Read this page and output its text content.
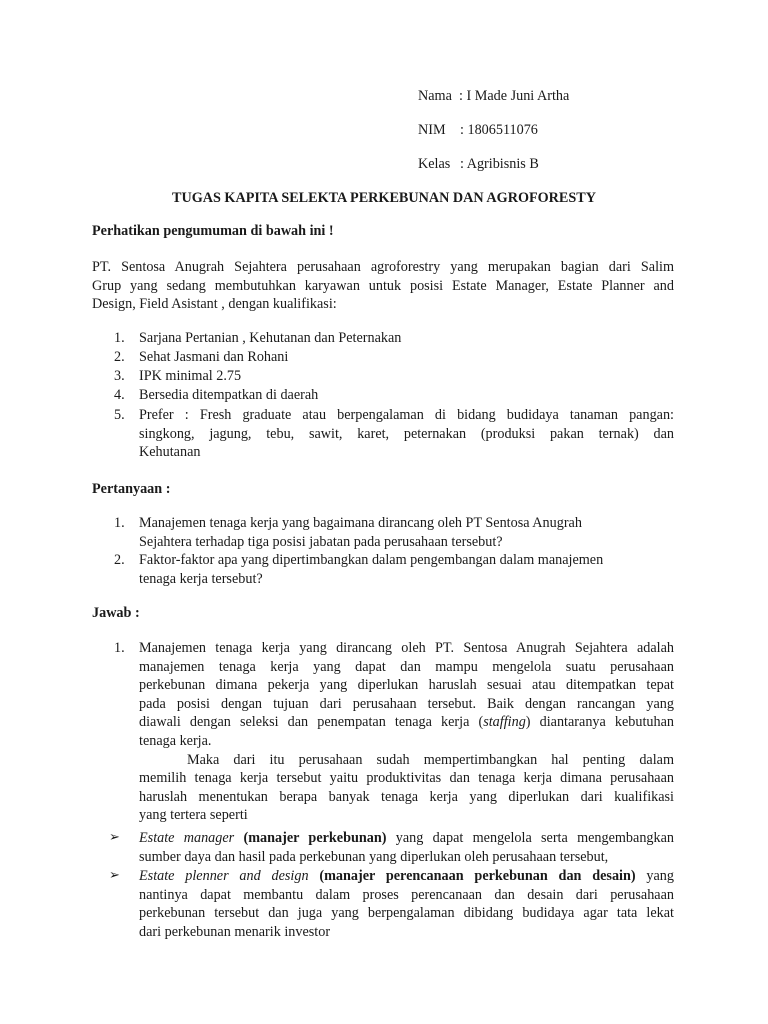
Nama : I Made Juni Artha
NIM : 1806511076
Kelas : Agribisnis B
TUGAS KAPITA SELEKTA PERKEBUNAN DAN AGROFORESTY
Perhatikan pengumuman di bawah ini !
PT. Sentosa Anugrah Sejahtera perusahaan agroforestry yang merupakan bagian dari Salim
Grup yang sedang membutuhkan karyawan untuk posisi Estate Manager, Estate Planner and
Design, Field Asistant , dengan kualifikasi:
1. Sarjana Pertanian , Kehutanan dan Peternakan
2. Sehat Jasmani dan Rohani
3. IPK minimal 2.75
4. Bersedia ditempatkan di daerah
5. Prefer : Fresh graduate atau berpengalaman di bidang budidaya tanaman pangan:
singkong, jagung, tebu, sawit, karet, peternakan (produksi pakan ternak) dan
Kehutanan
Pertanyaan :
1. Manajemen tenaga kerja yang bagaimana dirancang oleh PT Sentosa Anugrah
Sejahtera terhadap tiga posisi jabatan pada perusahaan tersebut?
2. Faktor-faktor apa yang dipertimbangkan dalam pengembangan dalam manajemen
tenaga kerja tersebut?
Jawab :
1. Manajemen tenaga kerja yang dirancang oleh PT. Sentosa Anugrah Sejahtera adalah
manajemen tenaga kerja yang dapat dan mampu mengelola suatu perusahaan
perkebunan dimana pekerja yang diperlukan haruslah sesuai atau ditempatkan tepat
pada posisi dengan tujuan dari perusahaan tersebut. Baik dengan rancangan yang
diawali dengan seleksi dan penempatan tenaga kerja (staffing) diantaranya kebutuhan
tenaga kerja.
Maka dari itu perusahaan sudah mempertimbangkan hal penting dalam
memilih tenaga kerja tersebut yaitu produktivitas dan tenaga kerja dimana perusahaan
haruslah menentukan berapa banyak tenaga kerja yang diperlukan dari kualifikasi
yang tertera seperti
➢ Estate manager (manajer perkebunan) yang dapat mengelola serta mengembangkan
sumber daya dan hasil pada perkebunan yang diperlukan oleh perusahaan tersebut,
➢ Estate plenner and design (manajer perencanaan perkebunan dan desain) yang
nantinya dapat membantu dalam proses perencanaan dan desain dari perusahaan
perkebunan tersebut dan juga yang berpengalaman dibidang budidaya agar tata lekat
dari perkebunan menarik investor
